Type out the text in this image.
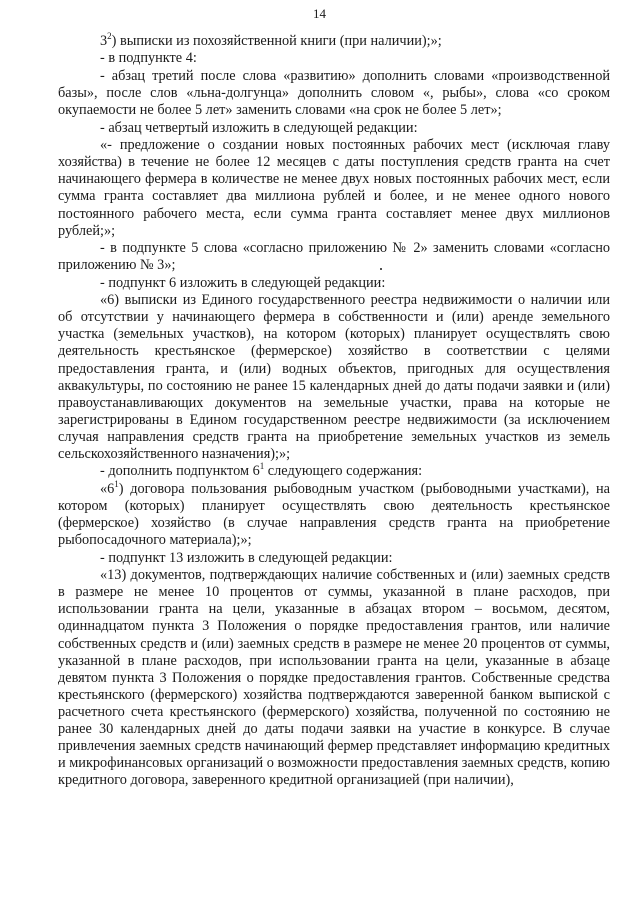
14

$3^2$) выписки из похозяйственной книги (при наличии);»;

- в подпункте 4:

- абзац третий после слова «развитию» дополнить словами «производственной базы», после слов «льна-долгунца» дополнить словом «, рыбы», слова «со сроком окупаемости не более 5 лет» заменить словами «на срок не более 5 лет»;

- абзац четвертый изложить в следующей редакции:

«- предложение о создании новых постоянных рабочих мест (исключая главу хозяйства) в течение не более 12 месяцев с даты поступления средств гранта на счет начинающего фермера в количестве не менее двух новых постоянных рабочих мест, если сумма гранта составляет два миллиона рублей и более, и не менее одного нового постоянного рабочего места, если сумма гранта составляет менее двух миллионов рублей;»;

- в подпункте 5 слова «согласно приложению № 2» заменить словами «согласно приложению № 3»;

- подпункт 6 изложить в следующей редакции:

«6) выписки из Единого государственного реестра недвижимости о наличии или об отсутствии у начинающего фермера в собственности и (или) аренде земельного участка (земельных участков), на котором (которых) планирует осуществлять свою деятельность крестьянское (фермерское) хозяйство в соответствии с целями предоставления гранта, и (или) водных объектов, пригодных для осуществления аквакультуры, по состоянию не ранее 15 календарных дней до даты подачи заявки и (или) правоустанавливающих документов на земельные участки, права на которые не зарегистрированы в Едином государственном реестре недвижимости (за исключением случая направления средств гранта на приобретение земельных участков из земель сельскохозяйственного назначения);»;

- дополнить подпунктом $6^1$ следующего содержания:

«$6^1$) договора пользования рыбоводным участком (рыбоводными участками), на котором (которых) планирует осуществлять свою деятельность крестьянское (фермерское) хозяйство (в случае направления средств гранта на приобретение рыбопосадочного материала);»;

- подпункт 13 изложить в следующей редакции:

«13) документов, подтверждающих наличие собственных и (или) заемных средств в размере не менее 10 процентов от суммы, указанной в плане расходов, при использовании гранта на цели, указанные в абзацах втором – восьмом, десятом, одиннадцатом пункта 3 Положения о порядке предоставления грантов, или наличие собственных средств и (или) заемных средств в размере не менее 20 процентов от суммы, указанной в плане расходов, при использовании гранта на цели, указанные в абзаце девятом пункта 3 Положения о порядке предоставления грантов. Собственные средства крестьянского (фермерского) хозяйства подтверждаются заверенной банком выпиской с расчетного счета крестьянского (фермерского) хозяйства, полученной по состоянию не ранее 30 календарных дней до даты подачи заявки на участие в конкурсе. В случае привлечения заемных средств начинающий фермер представляет информацию кредитных и микрофинансовых организаций о возможности предоставления заемных средств, копию кредитного договора, заверенного кредитной организацией (при наличии),
